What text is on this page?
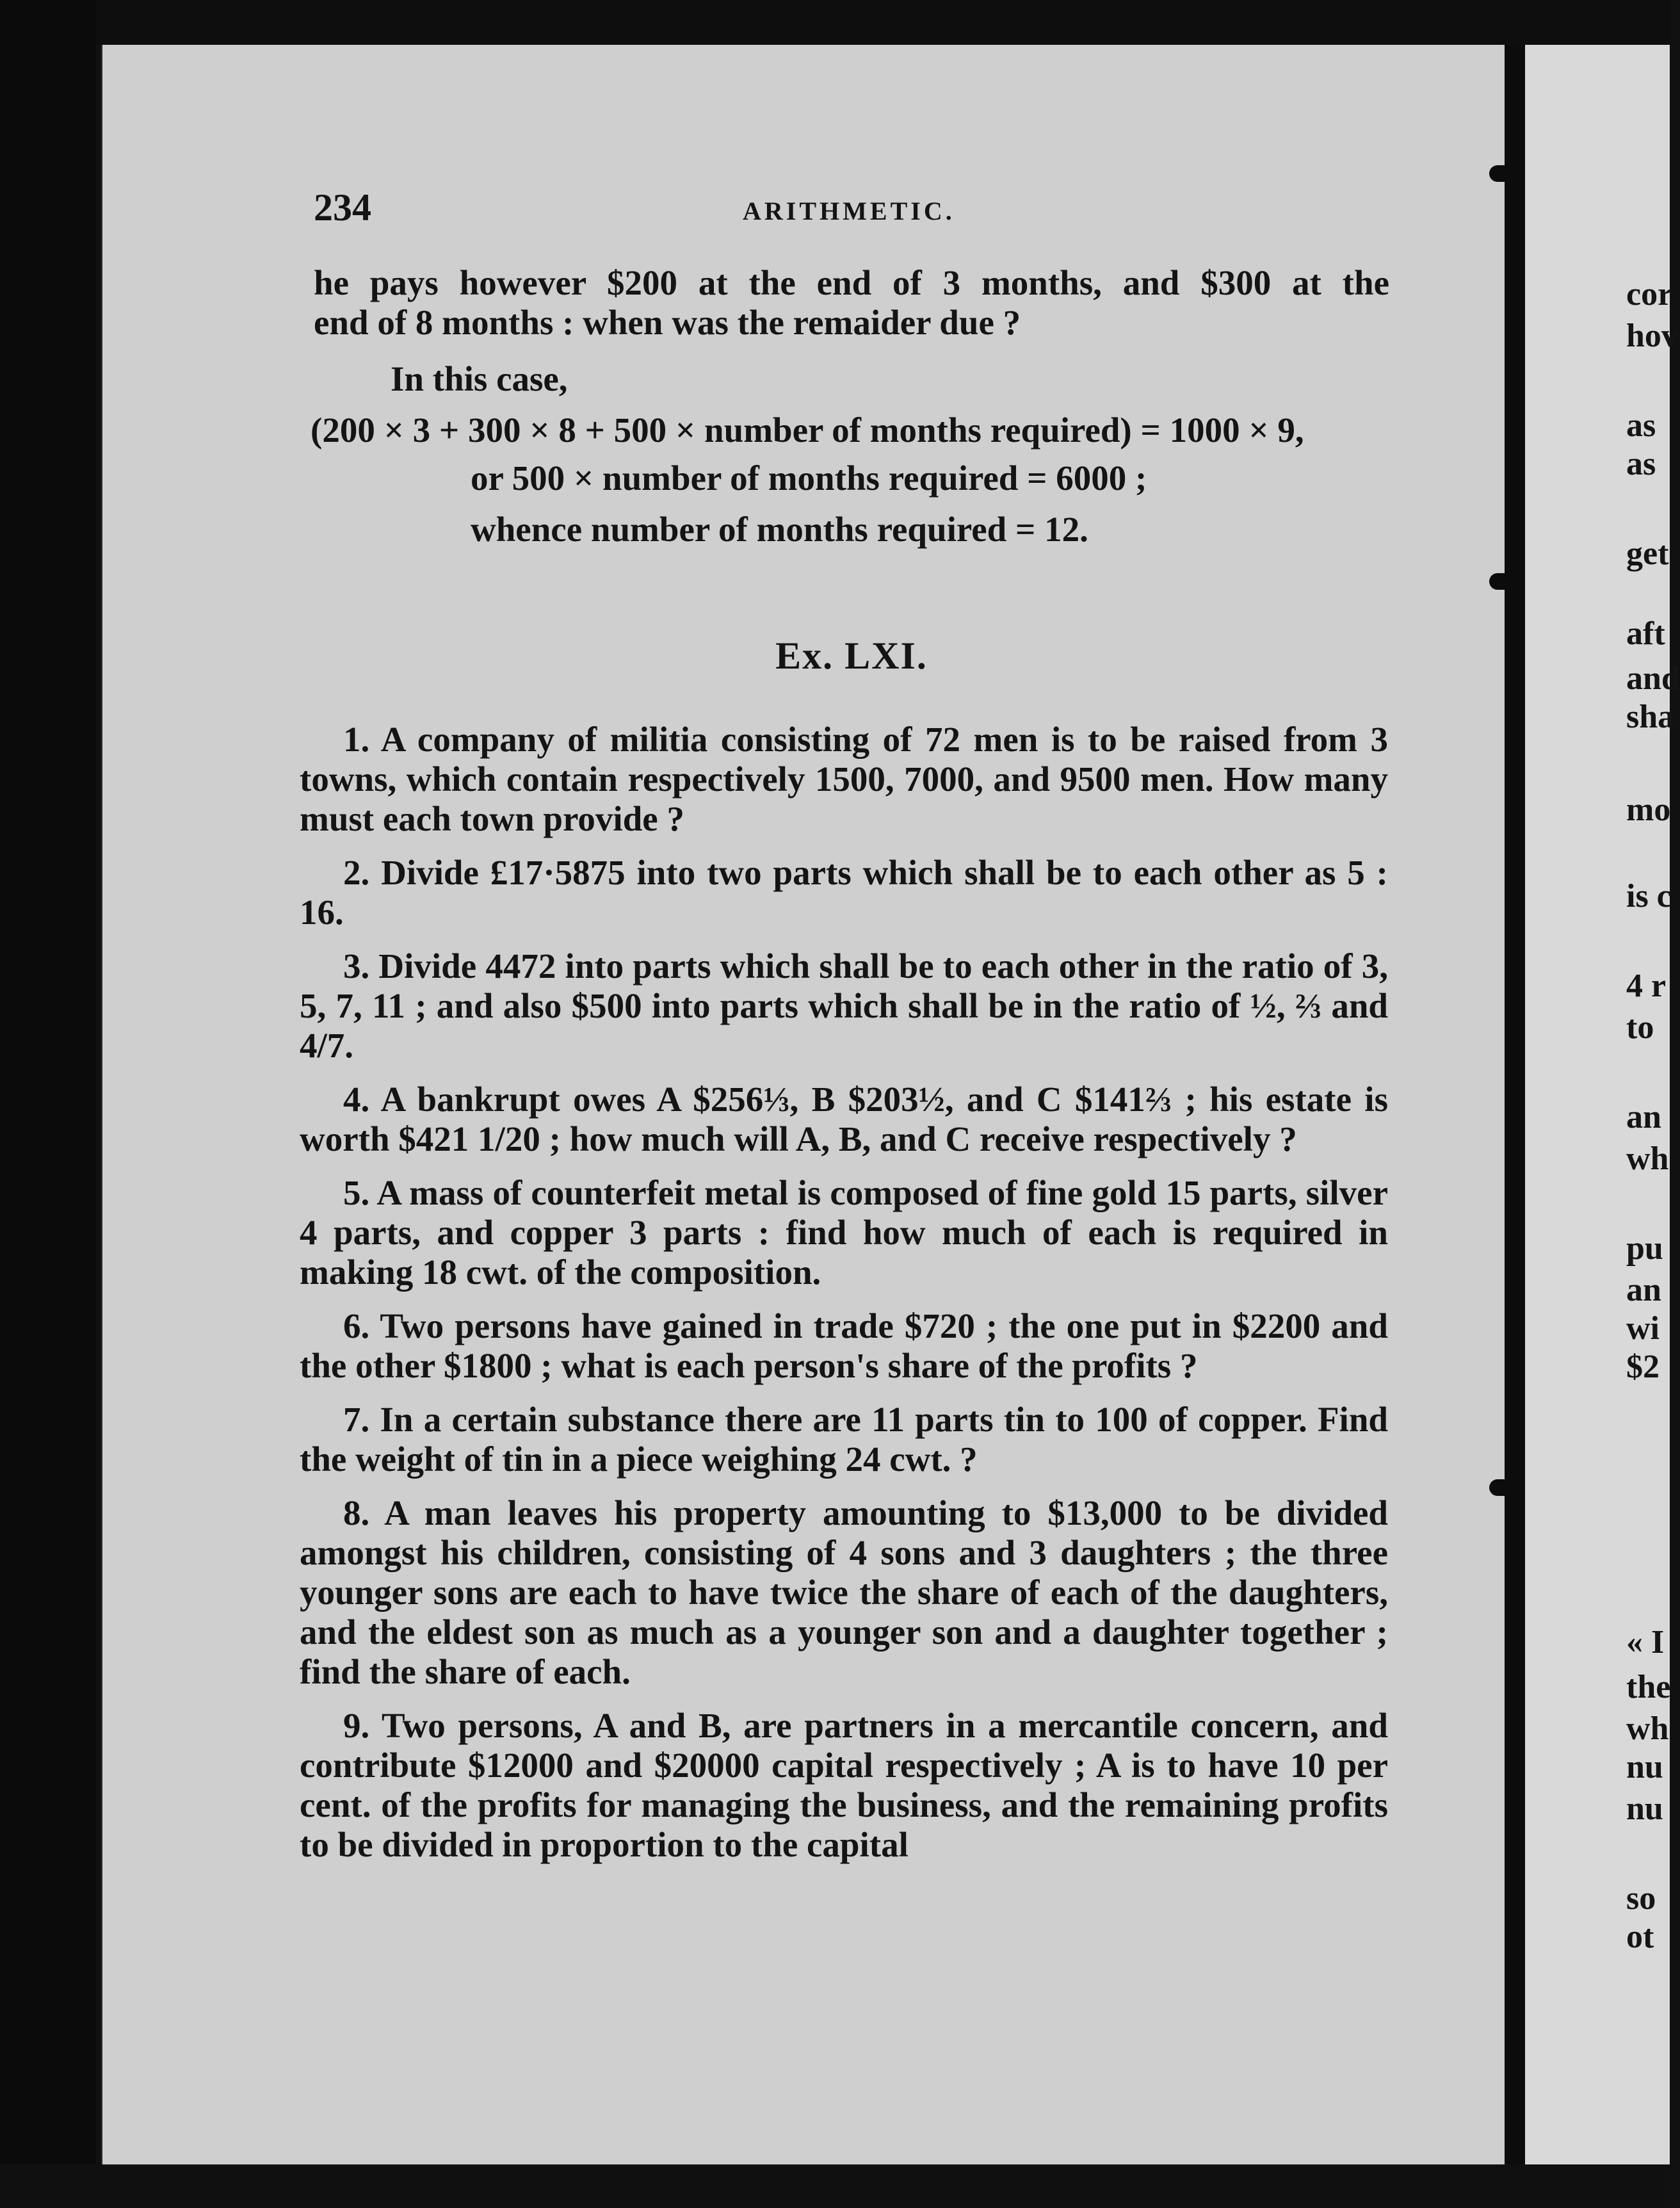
234	ARITHMETIC.
he pays however $200 at the end of 3 months, and $300 at the
end of 8 months : when was the remaider due ?
In this case,
(200 × 3 + 300 × 8 + 500 × number of months required) = 1000 × 9,
or 500 × number of months required = 6000 ;
whence number of months required = 12.
Ex. LXI.

1. A company of militia consisting of 72 men is to be raised from 3 towns, which contain respectively 1500, 7000, and 9500 men. How many must each town provide ?

2. Divide £17·5875 into two parts which shall be to each other as 5 : 16.

3. Divide 4472 into parts which shall be to each other in the ratio of 3, 5, 7, 11 ; and also $500 into parts which shall be in the ratio of ½, ⅔ and 4/7.

4. A bankrupt owes A $256⅓, B $203½, and C $141⅔ ; his estate is worth $421 1/20 ; how much will A, B, and C receive respectively ?

5. A mass of counterfeit metal is composed of fine gold 15 parts, silver 4 parts, and copper 3 parts : find how much of each is required in making 18 cwt. of the composition.

6. Two persons have gained in trade $720 ; the one put in $2200 and the other $1800 ; what is each person's share of the profits ?

7. In a certain substance there are 11 parts tin to 100 of copper. Find the weight of tin in a piece weighing 24 cwt. ?

8. A man leaves his property amounting to $13,000 to be divided amongst his children, consisting of 4 sons and 3 daughters ; the three younger sons are each to have twice the share of each of the daughters, and the eldest son as much as a younger son and a daughter together ; find the share of each.

9. Two persons, A and B, are partners in a mercantile concern, and contribute $12000 and $20000 capital respectively ; A is to have 10 per cent. of the profits for managing the business, and the remaining profits to be divided in proportion to the capital

cor
hov
as
as
get
aft
and
sha
mo
is c
4 r
to
an
wh
pu
an
wi
$2
« I
the
wh
nu
nu
so
ot
